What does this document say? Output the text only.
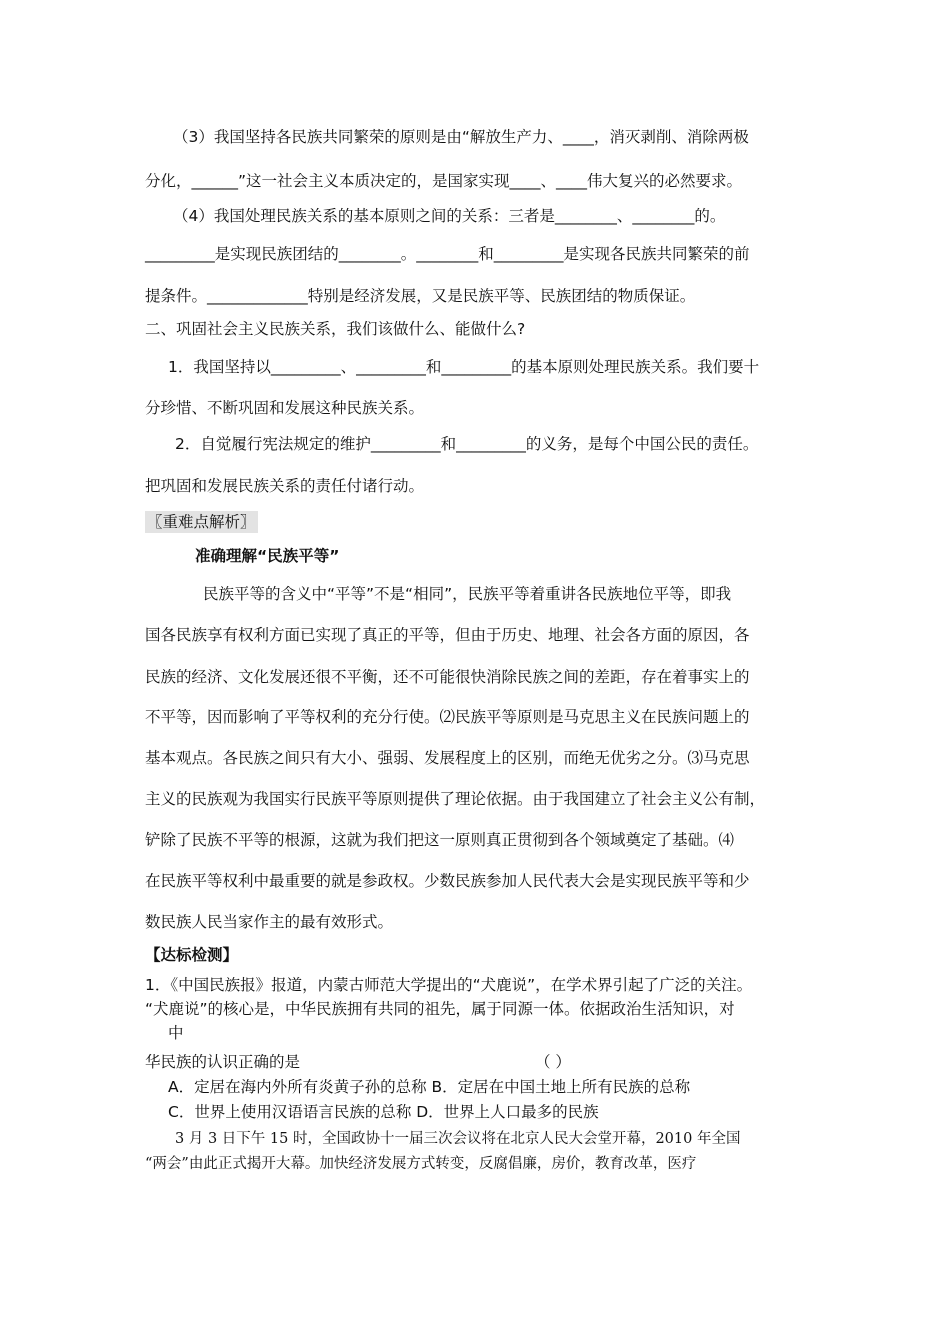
（3）我国坚持各民族共同繁荣的原则是由“解放生产力、____，消灭剥削、消除两极
分化，______”这一社会主义本质决定的，是国家实现____、____伟大复兴的必然要求。
（4）我国处理民族关系的基本原则之间的关系：三者是________、________的。
_________是实现民族团结的________。________和_________是实现各民族共同繁荣的前
提条件。_____________特别是经济发展，又是民族平等、民族团结的物质保证。
二、巩固社会主义民族关系，我们该做什么、能做什么?
1．我国坚持以_________、_________和_________的基本原则处理民族关系。我们要十
分珍惜、不断巩固和发展这种民族关系。
2．自觉履行宪法规定的维护_________和_________的义务，是每个中国公民的责任。
把巩固和发展民族关系的责任付诸行动。
〖重难点解析〗
准确理解“民族平等”
民族平等的含义中“平等”不是“相同”，民族平等着重讲各民族地位平等，即我
国各民族享有权利方面已实现了真正的平等，但由于历史、地理、社会各方面的原因，各
民族的经济、文化发展还很不平衡，还不可能很快消除民族之间的差距，存在着事实上的
不平等，因而影响了平等权利的充分行使。⑵民族平等原则是马克思主义在民族问题上的
基本观点。各民族之间只有大小、强弱、发展程度上的区别，而绝无优劣之分。⑶马克思
主义的民族观为我国实行民族平等原则提供了理论依据。由于我国建立了社会主义公有制，
铲除了民族不平等的根源，这就为我们把这一原则真正贯彻到各个领域奠定了基础。⑷
在民族平等权利中最重要的就是参政权。少数民族参加人民代表大会是实现民族平等和少
数民族人民当家作主的最有效形式。
【达标检测】
1．《中国民族报》报道，内蒙古师范大学提出的“犬鹿说”，在学术界引起了广泛的关注。
“犬鹿说”的核心是，中华民族拥有共同的祖先，属于同源一体。依据政治生活知识，对
中
华民族的认识正确的是	（ ）
A．定居在海内外所有炎黄子孙的总称 B．定居在中国土地上所有民族的总称
C．世界上使用汉语语言民族的总称 D．世界上人口最多的民族
3 月 3 日下午 15 时，全国政协十一届三次会议将在北京人民大会堂开幕，2010 年全国
“两会”由此正式揭开大幕。加快经济发展方式转变，反腐倡廉，房价，教育改革，医疗
